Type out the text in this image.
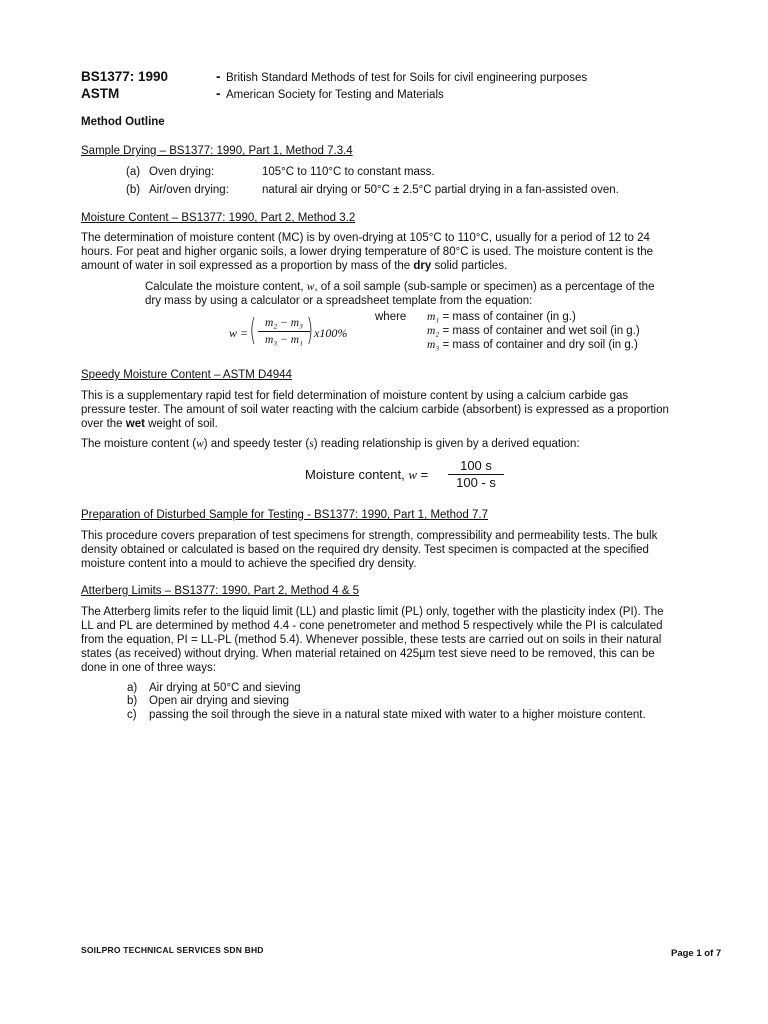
BS1377: 1990	- British Standard Methods of test for Soils for civil engineering purposes
ASTM	- American Society for Testing and Materials
Method Outline
Sample Drying – BS1377: 1990, Part 1, Method 7.3.4
(a) Oven drying:	105°C to 110°C to constant mass.
(b) Air/oven drying:	natural air drying or 50°C ± 2.5°C partial drying in a fan-assisted oven.
Moisture Content – BS1377: 1990, Part 2, Method 3.2
The determination of moisture content (MC) is by oven-drying at 105°C to 110°C, usually for a period of 12 to 24
hours. For peat and higher organic soils, a lower drying temperature of 80°C is used. The moisture content is the
amount of water in soil expressed as a proportion by mass of the dry solid particles.
Calculate the moisture content, w, of a soil sample (sub-sample or specimen) as a percentage of the
dry mass by using a calculator or a spreadsheet template from the equation:
w = ( m₂ − m₃
m₃ − m₁ ) x100%
where m₁ = mass of container (in g.)
m₂ = mass of container and wet soil (in g.)
m₃ = mass of container and dry soil (in g.)
Speedy Moisture Content – ASTM D4944
This is a supplementary rapid test for field determination of moisture content by using a calcium carbide gas
pressure tester. The amount of soil water reacting with the calcium carbide (absorbent) is expressed as a proportion
over the wet weight of soil.
The moisture content (w) and speedy tester (s) reading relationship is given by a derived equation:
Moisture content, w =
100 s
100 - s
Preparation of Disturbed Sample for Testing - BS1377: 1990, Part 1, Method 7.7
This procedure covers preparation of test specimens for strength, compressibility and permeability tests. The bulk
density obtained or calculated is based on the required dry density. Test specimen is compacted at the specified
moisture content into a mould to achieve the specified dry density.
Atterberg Limits – BS1377: 1990, Part 2, Method 4 & 5
The Atterberg limits refer to the liquid limit (LL) and plastic limit (PL) only, together with the plasticity index (PI). The
LL and PL are determined by method 4.4 - cone penetrometer and method 5 respectively while the PI is calculated
from the equation, PI = LL-PL (method 5.4). Whenever possible, these tests are carried out on soils in their natural
states (as received) without drying. When material retained on 425µm test sieve need to be removed, this can be
done in one of three ways:
a) Air drying at 50°C and sieving
b) Open air drying and sieving
c) passing the soil through the sieve in a natural state mixed with water to a higher moisture content.
SOILPRO TECHNICAL SERVICES SDN BHD	Page 1 of 7
